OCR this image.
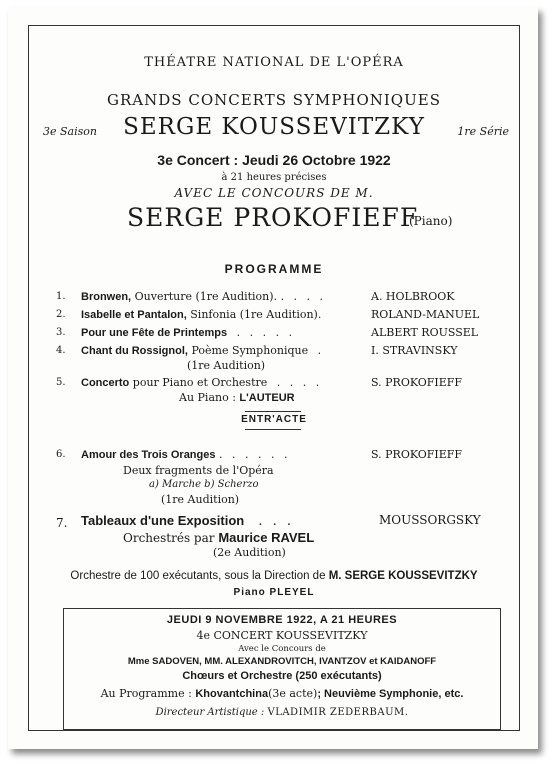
THÉATRE NATIONAL DE L'OPÉRA
GRANDS CONCERTS SYMPHONIQUES
3e Saison	SERGE KOUSSEVITZKY	1re Série
3e Concert : Jeudi 26 Octobre 1922
à 21 heures précises
AVEC LE CONCOURS DE M.
SERGE PROKOFIEFF
(Piano)
PROGRAMME
1. Bronwen, Ouverture (1re Audition). . . . .	A. HOLBROOK
2. Isabelle et Pantalon, Sinfonia (1re Audition).	ROLAND-MANUEL
3. Pour une Fête de Printemps . . . . .	ALBERT ROUSSEL
4. Chant du Rossignol, Poème Symphonique .	I. STRAVINSKY
(1re Audition)
5. Concerto pour Piano et Orchestre . . . .	S. PROKOFIEFF
Au Piano : L'AUTEUR
ENTR'ACTE
6. Amour des Trois Oranges . . . . . .	S. PROKOFIEFF
Deux fragments de l'Opéra
a) Marche b) Scherzo
(1re Audition)
7. Tableaux d'une Exposition . . .	MOUSSORGSKY
Orchestrés par Maurice RAVEL
(2e Audition)
Orchestre de 100 exécutants, sous la Direction de M. SERGE KOUSSEVITZKY
Piano PLEYEL
JEUDI 9 NOVEMBRE 1922, A 21 HEURES
4e CONCERT KOUSSEVITZKY
Avec le Concours de
Mme SADOVEN, MM. ALEXANDROVITCH, IVANTZOV et KAIDANOFF
Chœurs et Orchestre (250 exécutants)
Au Programme : Khovantchina(3e acte); Neuvième Symphonie, etc.
Directeur Artistique : VLADIMIR ZEDERBAUM.
